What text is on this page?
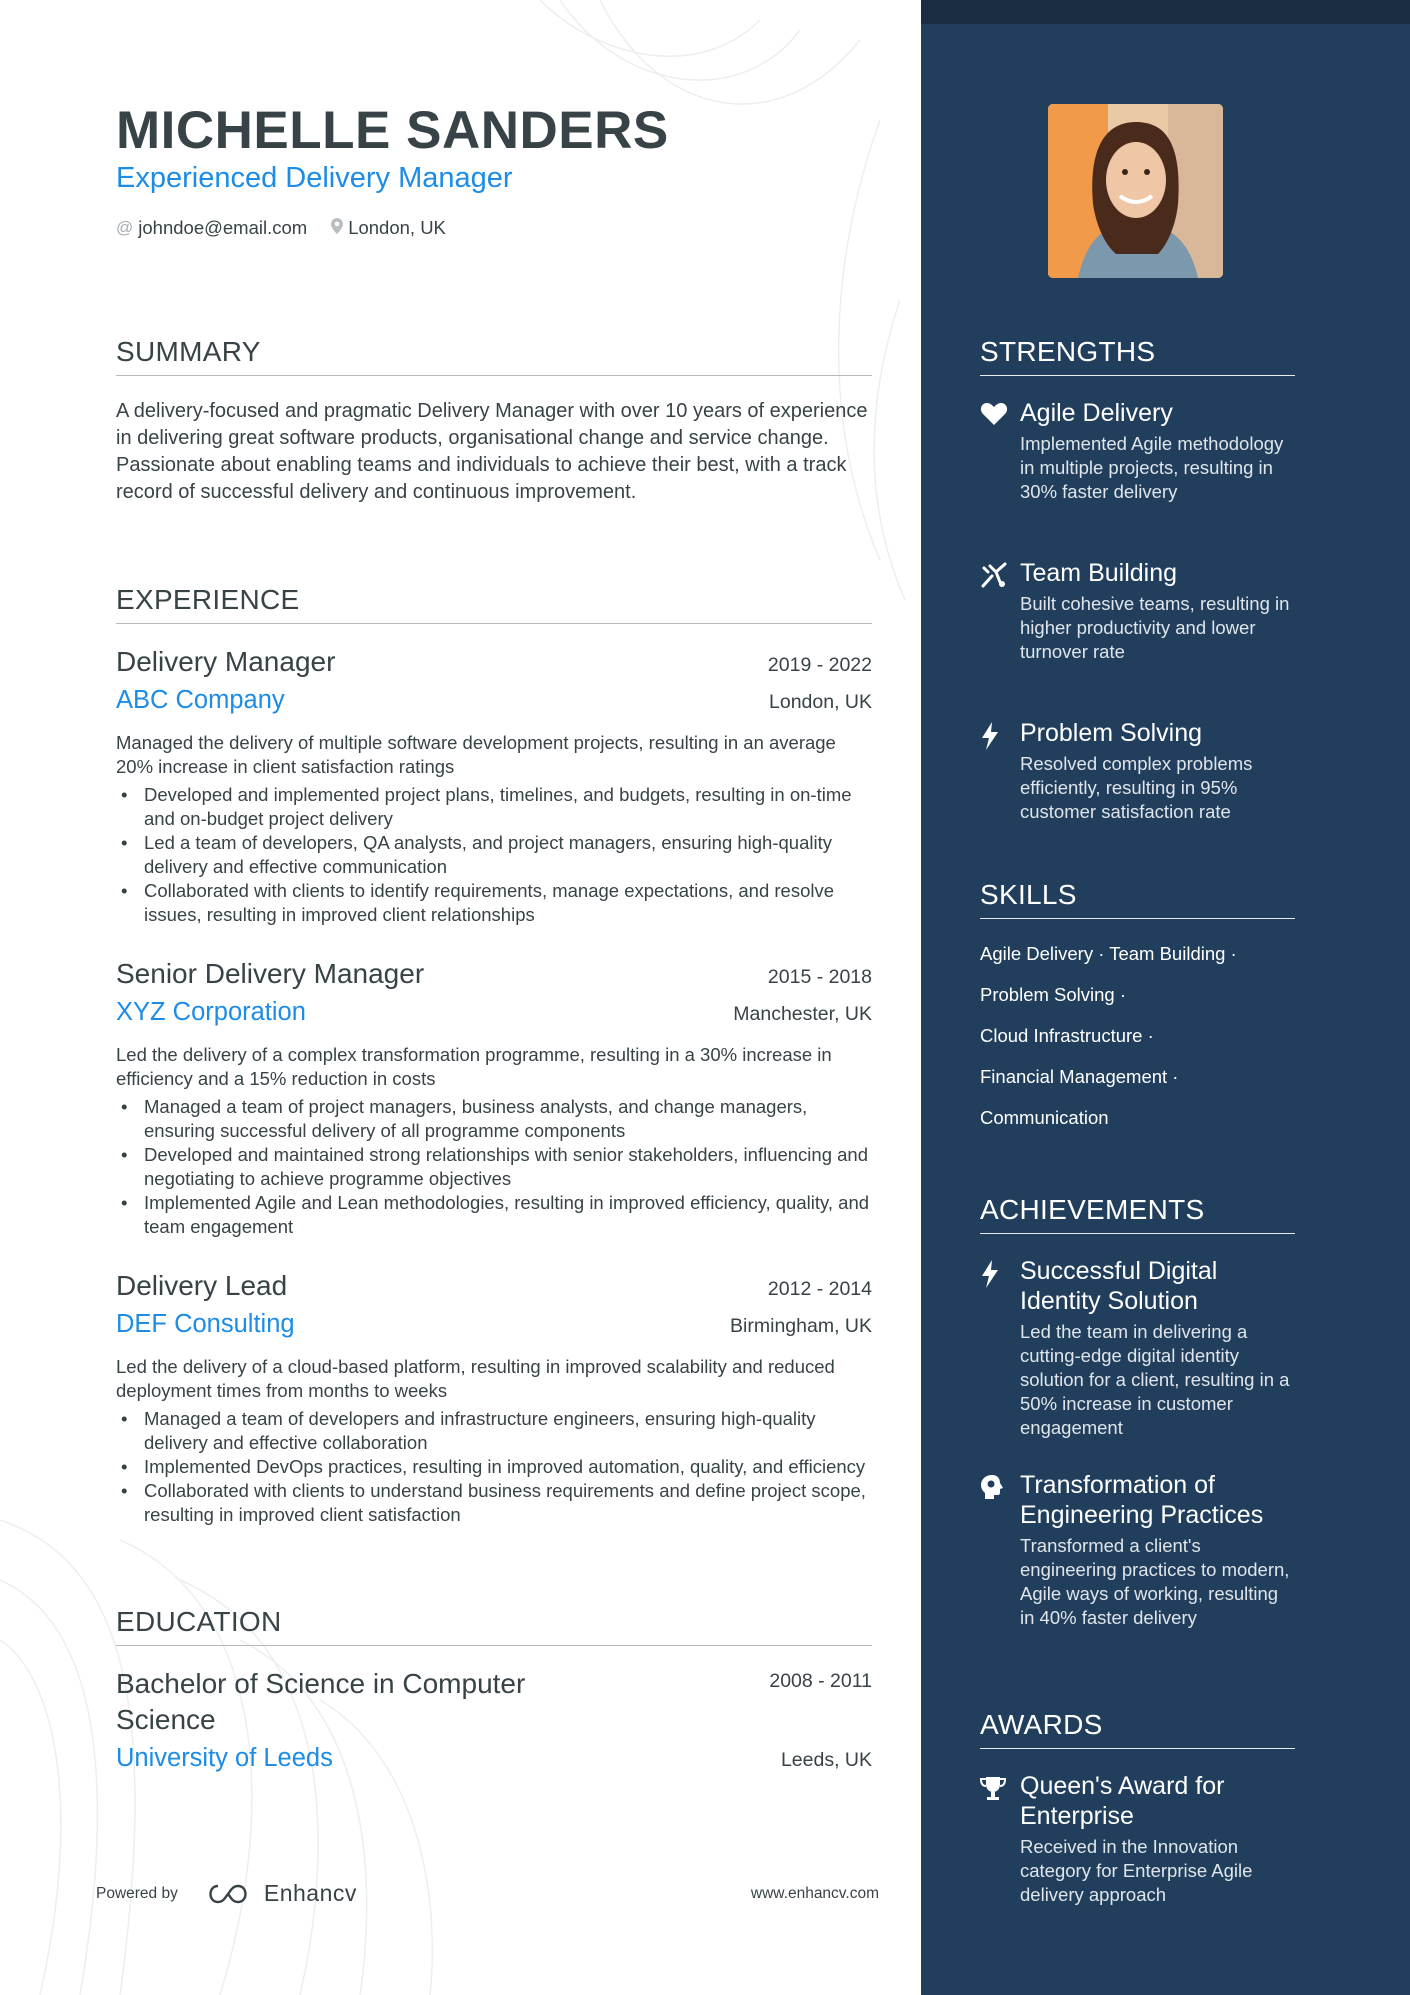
MICHELLE SANDERS
Experienced Delivery Manager
@ johndoe@email.com London, UK
SUMMARY
A delivery-focused and pragmatic Delivery Manager with over 10 years of experience in delivering great software products, organisational change and service change. Passionate about enabling teams and individuals to achieve their best, with a track record of successful delivery and continuous improvement.
EXPERIENCE
Delivery Manager	2019 - 2022
ABC Company	London, UK
Managed the delivery of multiple software development projects, resulting in an average 20% increase in client satisfaction ratings
• Developed and implemented project plans, timelines, and budgets, resulting in on-time and on-budget project delivery
• Led a team of developers, QA analysts, and project managers, ensuring high-quality delivery and effective communication
• Collaborated with clients to identify requirements, manage expectations, and resolve issues, resulting in improved client relationships
Senior Delivery Manager	2015 - 2018
XYZ Corporation	Manchester, UK
Led the delivery of a complex transformation programme, resulting in a 30% increase in efficiency and a 15% reduction in costs
• Managed a team of project managers, business analysts, and change managers, ensuring successful delivery of all programme components
• Developed and maintained strong relationships with senior stakeholders, influencing and negotiating to achieve programme objectives
• Implemented Agile and Lean methodologies, resulting in improved efficiency, quality, and team engagement
Delivery Lead	2012 - 2014
DEF Consulting	Birmingham, UK
Led the delivery of a cloud-based platform, resulting in improved scalability and reduced deployment times from months to weeks
• Managed a team of developers and infrastructure engineers, ensuring high-quality delivery and effective collaboration
• Implemented DevOps practices, resulting in improved automation, quality, and efficiency
• Collaborated with clients to understand business requirements and define project scope, resulting in improved client satisfaction
EDUCATION
Bachelor of Science in Computer Science
2008 - 2011
University of Leeds	Leeds, UK
Powered by	Enhancv	www.enhancv.com
STRENGTHS
Agile Delivery
Implemented Agile methodology in multiple projects, resulting in 30% faster delivery
Team Building
Built cohesive teams, resulting in higher productivity and lower turnover rate
Problem Solving
Resolved complex problems efficiently, resulting in 95% customer satisfaction rate
SKILLS
Agile Delivery · Team Building ·
Problem Solving ·
Cloud Infrastructure ·
Financial Management ·
Communication
ACHIEVEMENTS
Successful Digital Identity Solution
Led the team in delivering a cutting-edge digital identity solution for a client, resulting in a 50% increase in customer engagement
Transformation of Engineering Practices
Transformed a client's engineering practices to modern, Agile ways of working, resulting in 40% faster delivery
AWARDS
Queen's Award for Enterprise
Received in the Innovation category for Enterprise Agile delivery approach
